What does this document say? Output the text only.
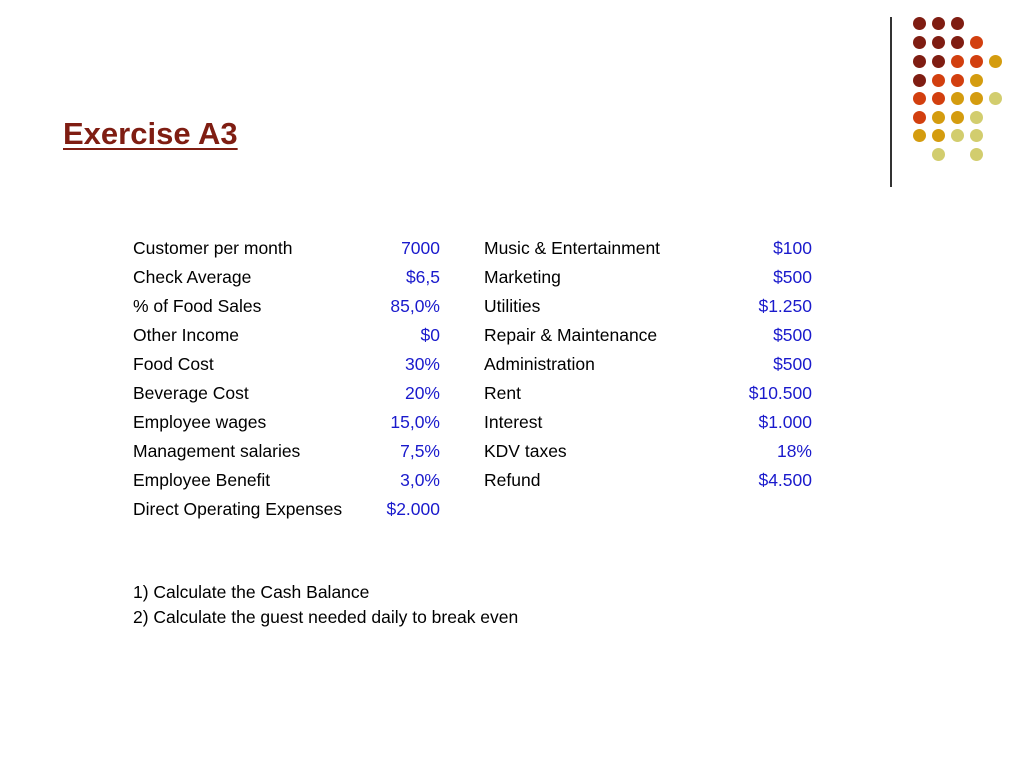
Exercise A3
Customer per month	7000
Check Average	$6,5
% of Food Sales	85,0%
Other Income	$0
Food Cost	30%
Beverage Cost	20%
Employee wages	15,0%
Management salaries	7,5%
Employee Benefit	3,0%
Direct Operating Expenses	$2.000
Music & Entertainment	$100
Marketing	$500
Utilities	$1.250
Repair & Maintenance	$500
Administration	$500
Rent	$10.500
Interest	$1.000
KDV taxes	18%
Refund	$4.500
1) Calculate the Cash Balance
2) Calculate the guest needed daily to break even
